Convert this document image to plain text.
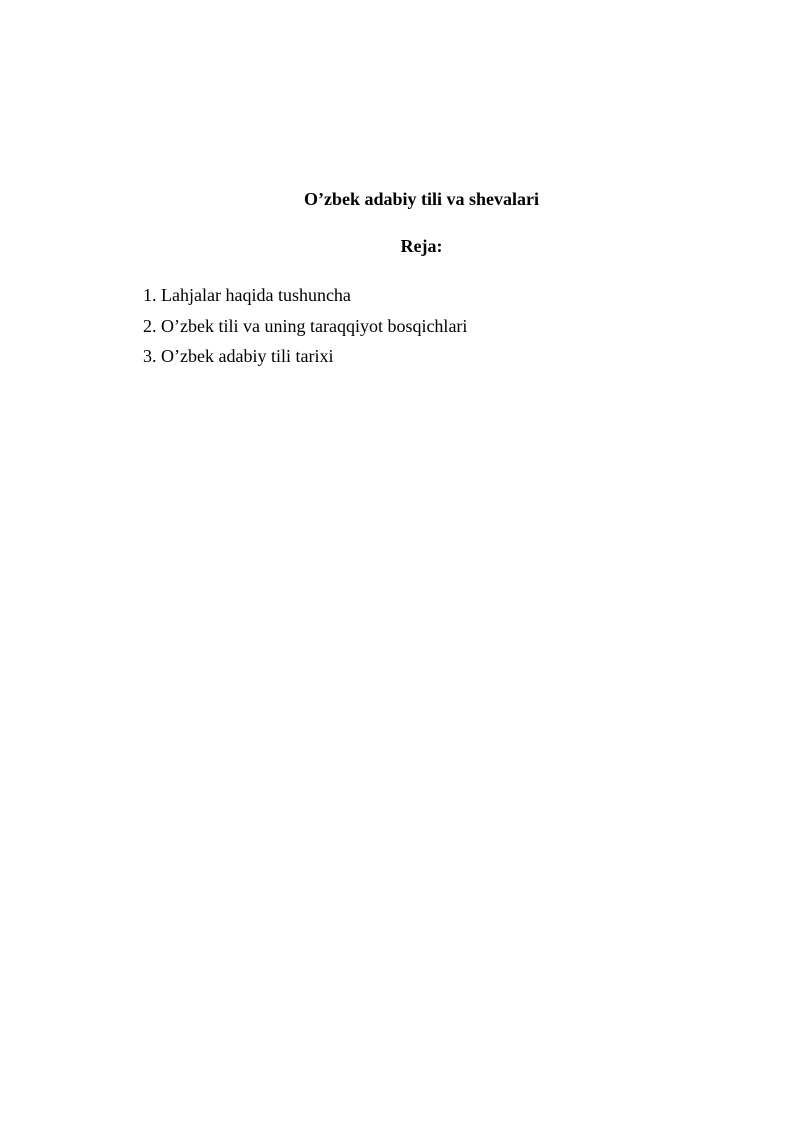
O’zbek adabiy tili va shevalari
Reja:
1. Lahjalar haqida tushuncha
2. O’zbek tili va uning taraqqiyot bosqichlari
3. O’zbek adabiy tili tarixi
